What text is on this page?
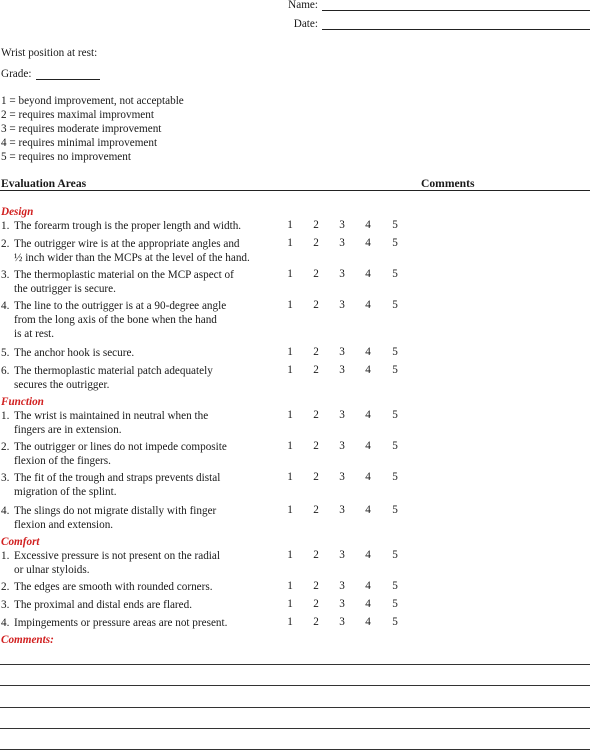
Name:
Date:
Wrist position at rest:
Grade:
1 = beyond improvement, not acceptable
2 = requires maximal improvment
3 = requires moderate improvement
4 = requires minimal improvement
5 = requires no improvement
Evaluation Areas	Comments
Design
1. The forearm trough is the proper length and width.	1	2	3	4	5
2. The outrigger wire is at the appropriate angles and
½ inch wider than the MCPs at the level of the hand.
1	2	3	4	5
3. The thermoplastic material on the MCP aspect of
the outrigger is secure.
1	2	3	4	5
4. The line to the outrigger is at a 90-degree angle
from the long axis of the bone when the hand
is at rest.
1	2	3	4	5
5. The anchor hook is secure.	1	2	3	4	5
6. The thermoplastic material patch adequately
secures the outrigger.
1	2	3	4	5
Function
1. The wrist is maintained in neutral when the
fingers are in extension.
1	2	3	4	5
2. The outrigger or lines do not impede composite
flexion of the fingers.
1	2	3	4	5
3. The fit of the trough and straps prevents distal
migration of the splint.
1	2	3	4	5
4. The slings do not migrate distally with finger
flexion and extension.
1	2	3	4	5
Comfort
1. Excessive pressure is not present on the radial
or ulnar styloids.
1	2	3	4	5
2. The edges are smooth with rounded corners.	1	2	3	4	5
3. The proximal and distal ends are flared.	1	2	3	4	5
4. Impingements or pressure areas are not present.	1	2	3	4	5
Comments:
